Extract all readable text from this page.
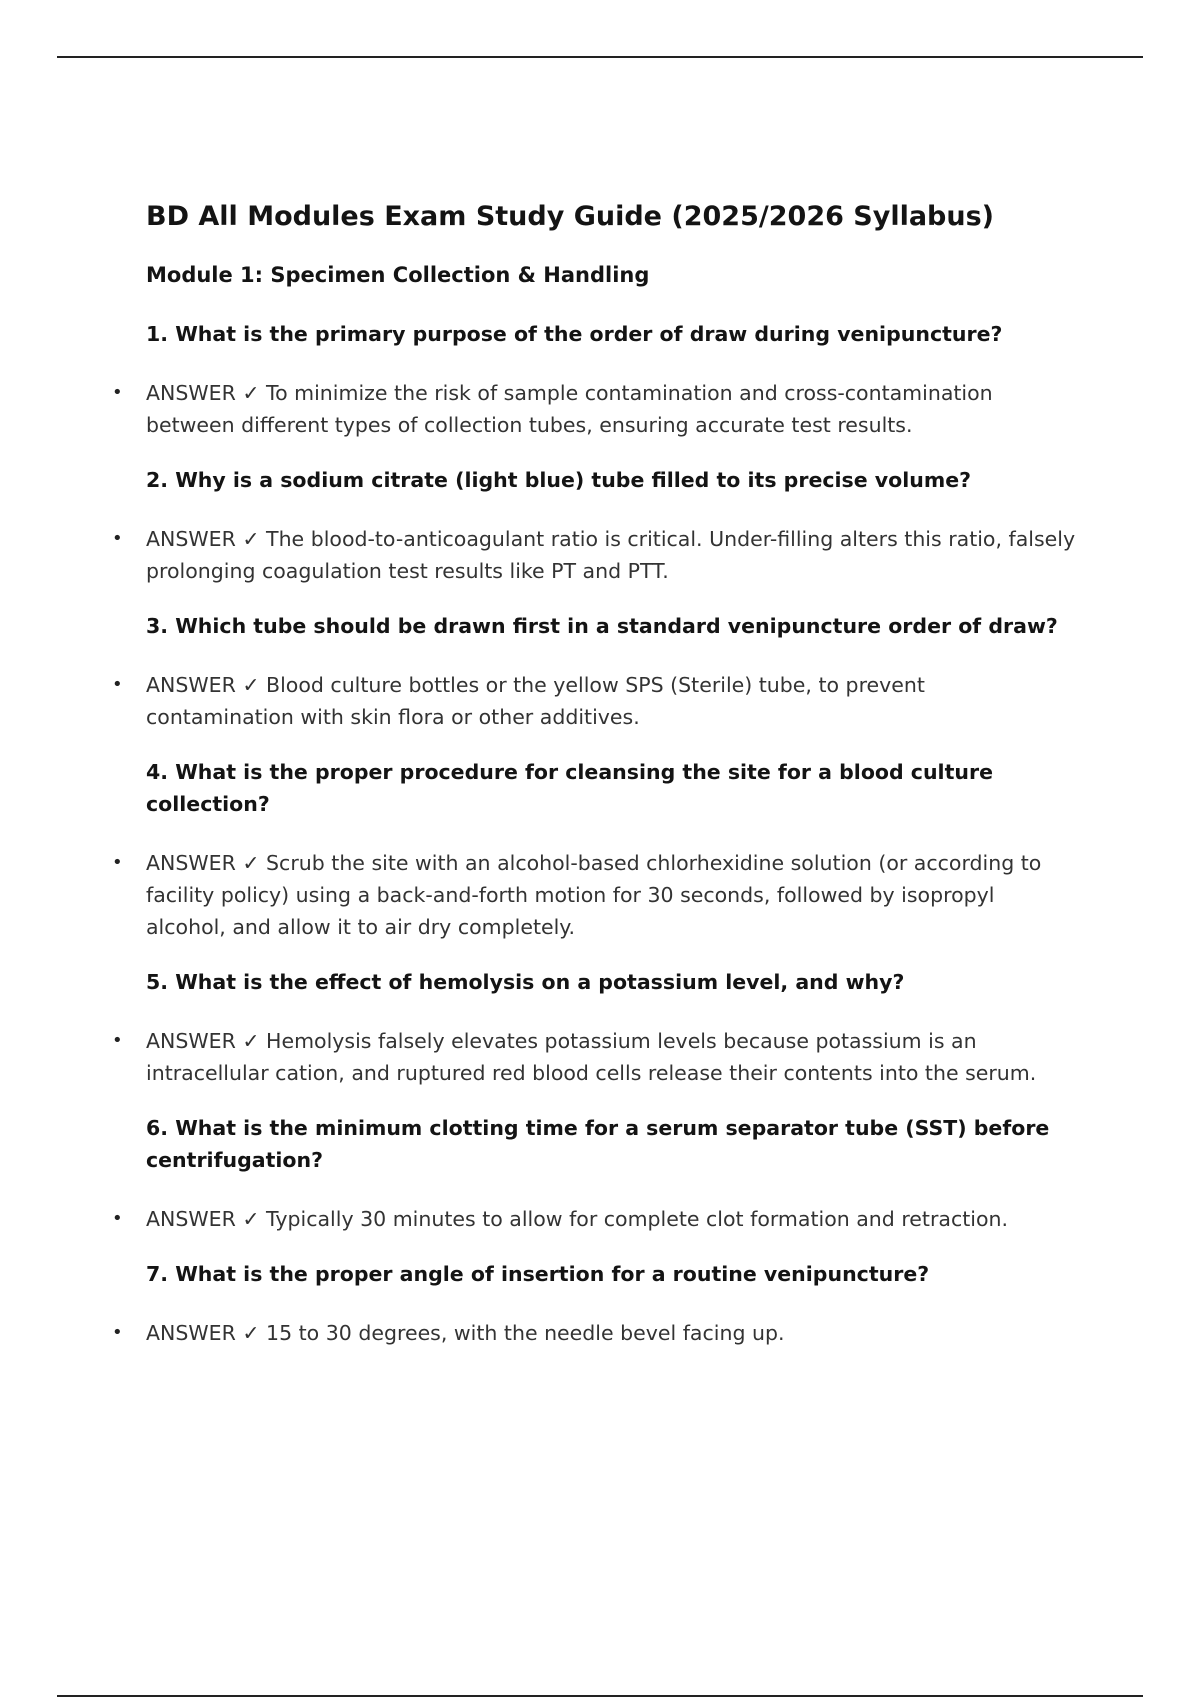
BD All Modules Exam Study Guide (2025/2026 Syllabus)
Module 1: Specimen Collection & Handling
1. What is the primary purpose of the order of draw during venipuncture?
• ANSWER ✓ To minimize the risk of sample contamination and cross-contamination between different types of collection tubes, ensuring accurate test results.
2. Why is a sodium citrate (light blue) tube filled to its precise volume?
• ANSWER ✓ The blood-to-anticoagulant ratio is critical. Under-filling alters this ratio, falsely prolonging coagulation test results like PT and PTT.
3. Which tube should be drawn first in a standard venipuncture order of draw?
• ANSWER ✓ Blood culture bottles or the yellow SPS (Sterile) tube, to prevent contamination with skin flora or other additives.
4. What is the proper procedure for cleansing the site for a blood culture collection?
• ANSWER ✓ Scrub the site with an alcohol-based chlorhexidine solution (or according to facility policy) using a back-and-forth motion for 30 seconds, followed by isopropyl alcohol, and allow it to air dry completely.
5. What is the effect of hemolysis on a potassium level, and why?
• ANSWER ✓ Hemolysis falsely elevates potassium levels because potassium is an intracellular cation, and ruptured red blood cells release their contents into the serum.
6. What is the minimum clotting time for a serum separator tube (SST) before centrifugation?
• ANSWER ✓ Typically 30 minutes to allow for complete clot formation and retraction.
7. What is the proper angle of insertion for a routine venipuncture?
• ANSWER ✓ 15 to 30 degrees, with the needle bevel facing up.
